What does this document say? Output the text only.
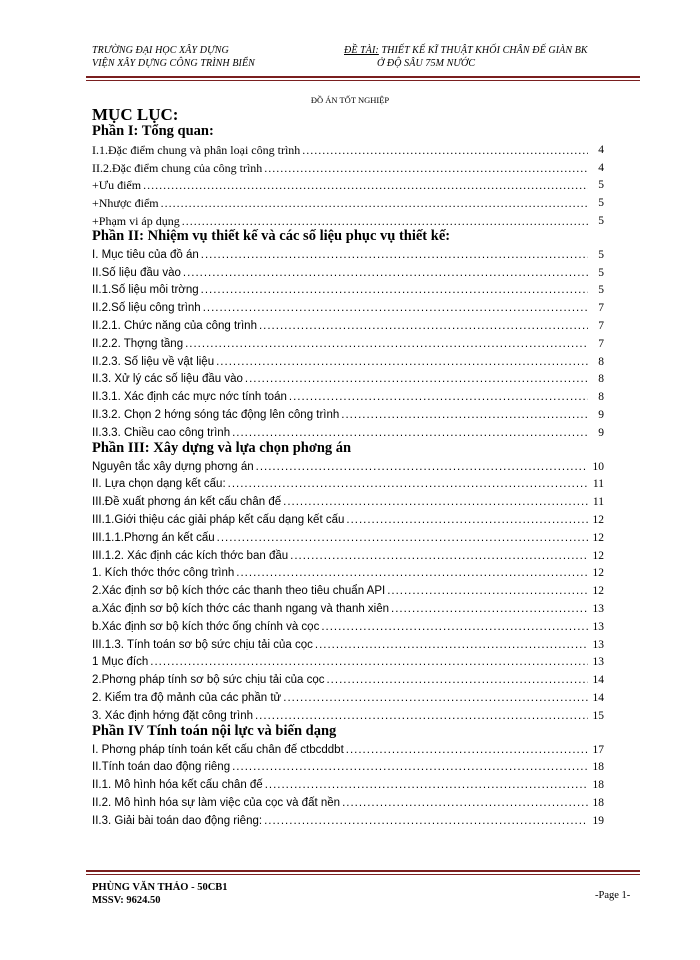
TRƯỜNG ĐẠI HỌC XÂY DỰNG
VIỆN XÂY DỰNG CÔNG TRÌNH BIỂN
ĐỀ TÀI: THIẾT KẾ KĨ THUẬT KHỐI CHÂN ĐẾ GIÀN BK
Ở ĐỘ SÂU 75M NƯỚC
ĐỒ ÁN TỐT NGHIỆP
MỤC LỤC:
Phần I: Tổng quan:
I.1.Đặc điểm chung và phân loại công trình .....	4
II.2.Đặc điểm chung của công trình .....	4
+Ưu điểm .....	5
+Nhược điểm .....	5
+Phạm vi áp dụng .....	5
Phần II: Nhiệm vụ thiết kế và các số liệu phục vụ thiết kế:
I. Mục tiêu của đồ án .....	5
II.Số liệu đầu vào .....	5
II.1.Số liệu môi trờng .....	5
II.2.Số liệu công trình .....	7
II.2.1. Chức năng của công trình .....	7
II.2.2. Thợng tầng .....	7
II.2.3. Số liệu về vật liệu .....	8
II.3. Xử lý các số liệu đầu vào .....	8
II.3.1. Xác định các mực nớc tính toán .....	8
II.3.2. Chọn 2 hớng sóng tác động lên công trình .....	9
II.3.3. Chiều cao công trình .....	9
Phần III: Xây dựng và lựa chọn phơng án
Nguyên tắc xây dựng phơng án .....	10
II. Lựa chọn dạng kết cấu: .....	11
III.Đề xuất phơng án kết cấu chân đế .....	11
III.1.Giới thiệu các giải pháp kết cấu dạng kết cấu .....	12
III.1.1.Phơng án kết cấu .....	12
III.1.2. Xác định các kích thớc ban đầu .....	12
1. Kích thớc thớc công trình .....	12
2.Xác định sơ bộ kích thớc các thanh theo tiêu chuẩn API .....	12
a.Xác định sơ bộ kích thớc các thanh ngang và thanh xiên .....	13
b.Xác định sơ bộ kích thớc ống chính và cọc .....	13
III.1.3. Tính toán sơ bộ sức chịu tải của cọc .....	13
1 Mục đích .....	13
2.Phơng pháp tính sơ bộ sức chịu tải của cọc .....	14
2. Kiểm tra độ mảnh của các phần tử .....	14
3. Xác định hớng đặt công trình .....	15
Phần IV Tính toán nội lực và biến dạng
I. Phơng pháp tính toán kết cấu chân đế ctbcddbt .....	17
II.Tính toán dao động riêng .....	18
II.1. Mô hình hóa kết cấu chân đế .....	18
II.2. Mô hình hóa sự làm việc của cọc và đất nền .....	18
II.3. Giải bài toán dao động riêng: .....	19
PHÙNG VĂN THẢO - 50CB1
MSSV: 9624.50	-Page 1-
